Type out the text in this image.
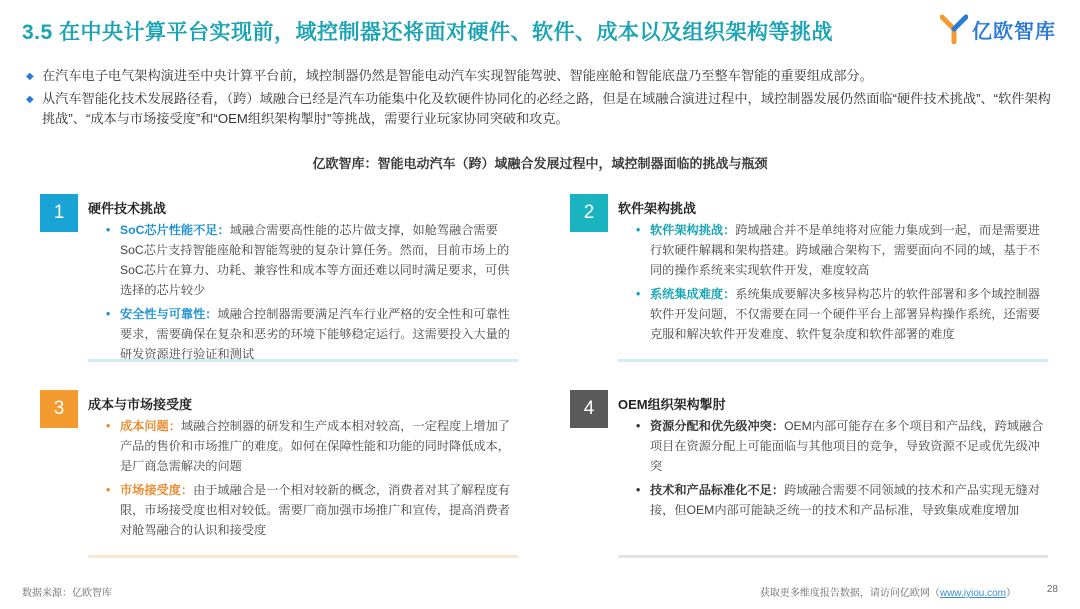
3.5 在中央计算平台实现前，域控制器还将面对硬件、软件、成本以及组织架构等挑战	亿欧智库
◆ 在汽车电子电气架构演进至中央计算平台前，域控制器仍然是智能电动汽车实现智能驾驶、智能座舱和智能底盘乃至整车智能的重要组成部分。
◆ 从汽车智能化技术发展路径看，（跨）域融合已经是汽车功能集中化及软硬件协同化的必经之路，但是在域融合演进过程中，域控制器发展仍然面临“硬件技术挑战”、“软件架构挑战”、“成本与市场接受度”和“OEM组织架构掣肘”等挑战，需要行业玩家协同突破和攻克。
亿欧智库：智能电动汽车（跨）域融合发展过程中，域控制器面临的挑战与瓶颈
1	硬件技术挑战
• SoC芯片性能不足：域融合需要高性能的芯片做支撑，如舱驾融合需要SoC芯片支持智能座舱和智能驾驶的复杂计算任务。然而，目前市场上的SoC芯片在算力、功耗、兼容性和成本等方面还难以同时满足要求，可供选择的芯片较少
• 安全性与可靠性：域融合控制器需要满足汽车行业严格的安全性和可靠性要求，需要确保在复杂和恶劣的环境下能够稳定运行。这需要投入大量的研发资源进行验证和测试
2	软件架构挑战
• 软件架构挑战：跨域融合并不是单纯将对应能力集成到一起，而是需要进行软硬件解耦和架构搭建。跨域融合架构下，需要面向不同的域，基于不同的操作系统来实现软件开发，难度较高
• 系统集成难度：系统集成要解决多核异构芯片的软件部署和多个域控制器软件开发问题，不仅需要在同一个硬件平台上部署异构操作系统，还需要克服和解决软件开发难度、软件复杂度和软件部署的难度
3	成本与市场接受度
• 成本问题：域融合控制器的研发和生产成本相对较高，一定程度上增加了产品的售价和市场推广的难度。如何在保障性能和功能的同时降低成本，是厂商急需解决的问题
• 市场接受度：由于域融合是一个相对较新的概念，消费者对其了解程度有限，市场接受度也相对较低。需要厂商加强市场推广和宣传，提高消费者对舱驾融合的认识和接受度
4	OEM组织架构掣肘
• 资源分配和优先级冲突：OEM内部可能存在多个项目和产品线，跨域融合项目在资源分配上可能面临与其他项目的竞争，导致资源不足或优先级冲突
• 技术和产品标准化不足：跨域融合需要不同领域的技术和产品实现无缝对接，但OEM内部可能缺乏统一的技术和产品标准，导致集成难度增加
数据来源：亿欧智库	获取更多维度报告数据，请访问亿欧网（www.iyiou.com）	28
